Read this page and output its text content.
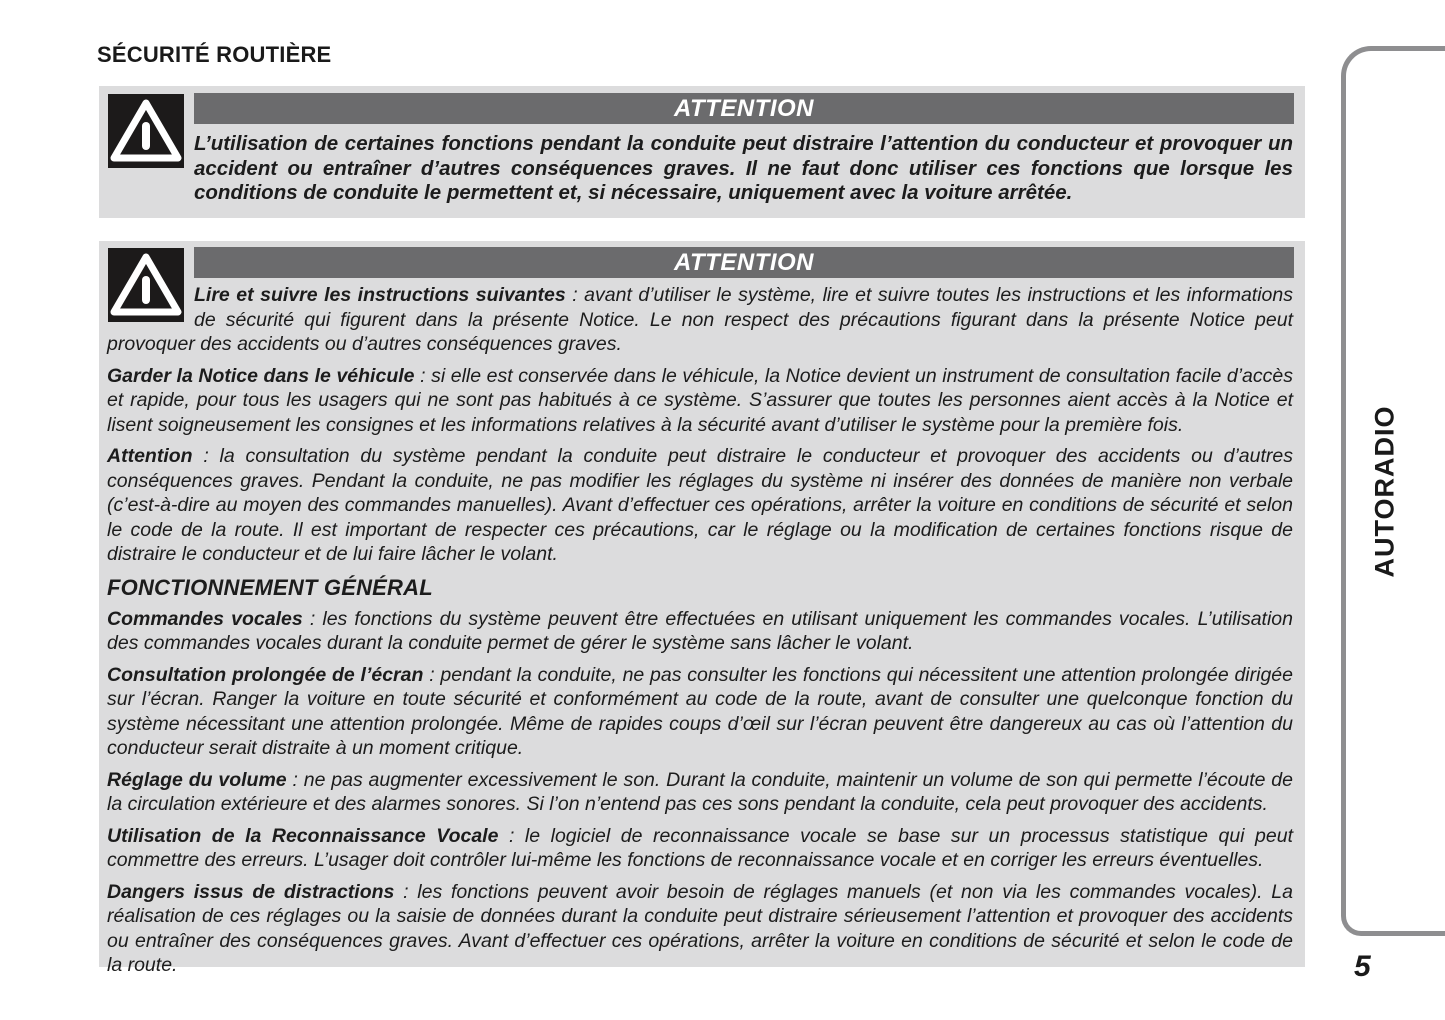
SÉCURITÉ ROUTIÈRE
ATTENTION
L’utilisation de certaines fonctions pendant la conduite peut distraire l’attention du conducteur et provoquer un accident ou entraîner d’autres conséquences graves. Il ne faut donc utiliser ces fonctions que lorsque les conditions de conduite le permettent et, si nécessaire, uniquement avec la voiture arrêtée.
ATTENTION

Lire et suivre les instructions suivantes : avant d’utiliser le système, lire et suivre toutes les instructions et les informations de sécurité qui figurent dans la présente Notice. Le non respect des précautions figurant dans la présente Notice peut provoquer des accidents ou d’autres conséquences graves.

Garder la Notice dans le véhicule : si elle est conservée dans le véhicule, la Notice devient un instrument de consultation facile d’accès et rapide, pour tous les usagers qui ne sont pas habitués à ce système. S’assurer que toutes les personnes aient accès à la Notice et lisent soigneusement les consignes et les informations relatives à la sécurité avant d’utiliser le système pour la première fois.

Attention : la consultation du système pendant la conduite peut distraire le conducteur et provoquer des accidents ou d’autres conséquences graves. Pendant la conduite, ne pas modifier les réglages du système ni insérer des données de manière non verbale (c’est-à-dire au moyen des commandes manuelles). Avant d’effectuer ces opérations, arrêter la voiture en conditions de sécurité et selon le code de la route. Il est important de respecter ces précautions, car le réglage ou la modification de certaines fonctions risque de distraire le conducteur et de lui faire lâcher le volant.

FONCTIONNEMENT GÉNÉRAL

Commandes vocales : les fonctions du système peuvent être effectuées en utilisant uniquement les commandes vocales. L’utilisation des commandes vocales durant la conduite permet de gérer le système sans lâcher le volant.

Consultation prolongée de l’écran : pendant la conduite, ne pas consulter les fonctions qui nécessitent une attention prolongée dirigée sur l’écran. Ranger la voiture en toute sécurité et conformément au code de la route, avant de consulter une quelconque fonction du système nécessitant une attention prolongée. Même de rapides coups d’œil sur l’écran peuvent être dangereux au cas où l’attention du conducteur serait distraite à un moment critique.

Réglage du volume : ne pas augmenter excessivement le son. Durant la conduite, maintenir un volume de son qui permette l’écoute de la circulation extérieure et des alarmes sonores. Si l’on n’entend pas ces sons pendant la conduite, cela peut provoquer des accidents.

Utilisation de la Reconnaissance Vocale : le logiciel de reconnaissance vocale se base sur un processus statistique qui peut commettre des erreurs. L’usager doit contrôler lui-même les fonctions de reconnaissance vocale et en corriger les erreurs éventuelles.

Dangers issus de distractions : les fonctions peuvent avoir besoin de réglages manuels (et non via les commandes vocales). La réalisation de ces réglages ou la saisie de données durant la conduite peut distraire sérieusement l’attention et provoquer des accidents ou entraîner des conséquences graves. Avant d’effectuer ces opérations, arrêter la voiture en conditions de sécurité et selon le code de la route.

AUTORADIO
5
